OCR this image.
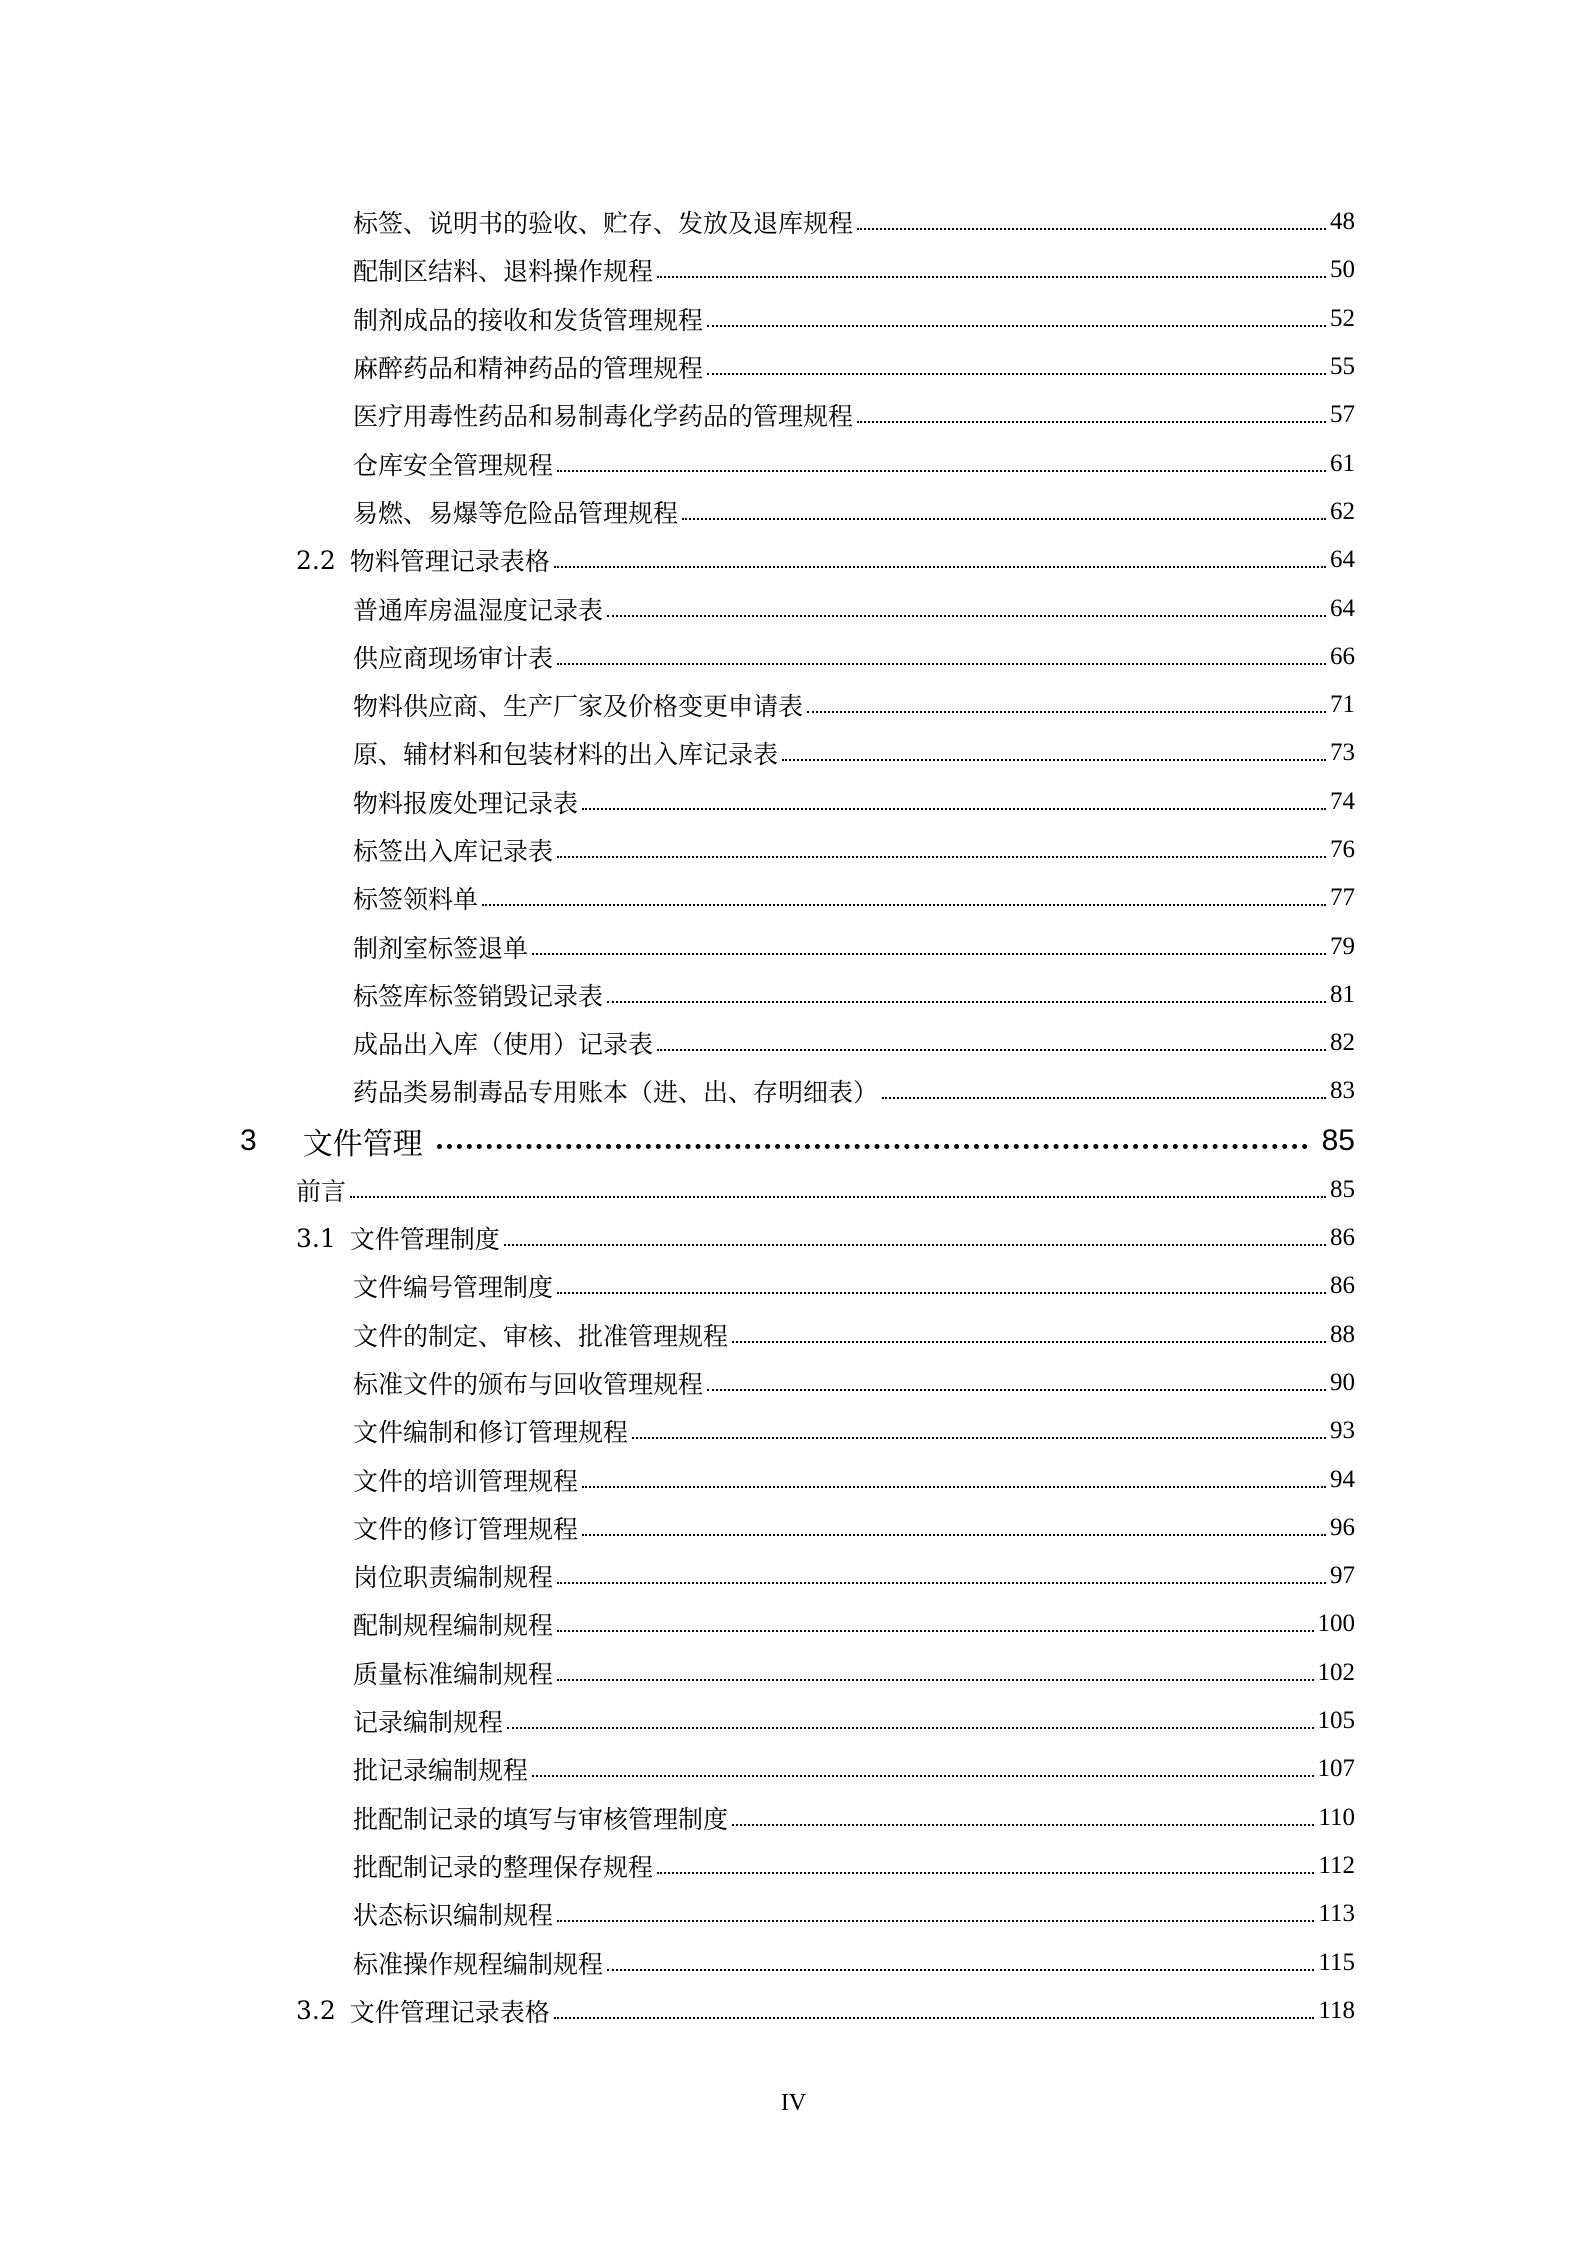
标签、说明书的验收、贮存、发放及退库规程	48
配制区结料、退料操作规程	50
制剂成品的接收和发货管理规程	52
麻醉药品和精神药品的管理规程	55
医疗用毒性药品和易制毒化学药品的管理规程	57
仓库安全管理规程	61
易燃、易爆等危险品管理规程	62
2.2 物料管理记录表格	64
普通库房温湿度记录表	64
供应商现场审计表	66
物料供应商、生产厂家及价格变更申请表	71
原、辅材料和包装材料的出入库记录表	73
物料报废处理记录表	74
标签出入库记录表	76
标签领料单	77
制剂室标签退单	79
标签库标签销毁记录表	81
成品出入库（使用）记录表	82
药品类易制毒品专用账本（进、出、存明细表）	83
3 文件管理	85
前言	85
3.1 文件管理制度	86
文件编号管理制度	86
文件的制定、审核、批准管理规程	88
标准文件的颁布与回收管理规程	90
文件编制和修订管理规程	93
文件的培训管理规程	94
文件的修订管理规程	96
岗位职责编制规程	97
配制规程编制规程	100
质量标准编制规程	102
记录编制规程	105
批记录编制规程	107
批配制记录的填写与审核管理制度	110
批配制记录的整理保存规程	112
状态标识编制规程	113
标准操作规程编制规程	115
3.2 文件管理记录表格	118
IV
